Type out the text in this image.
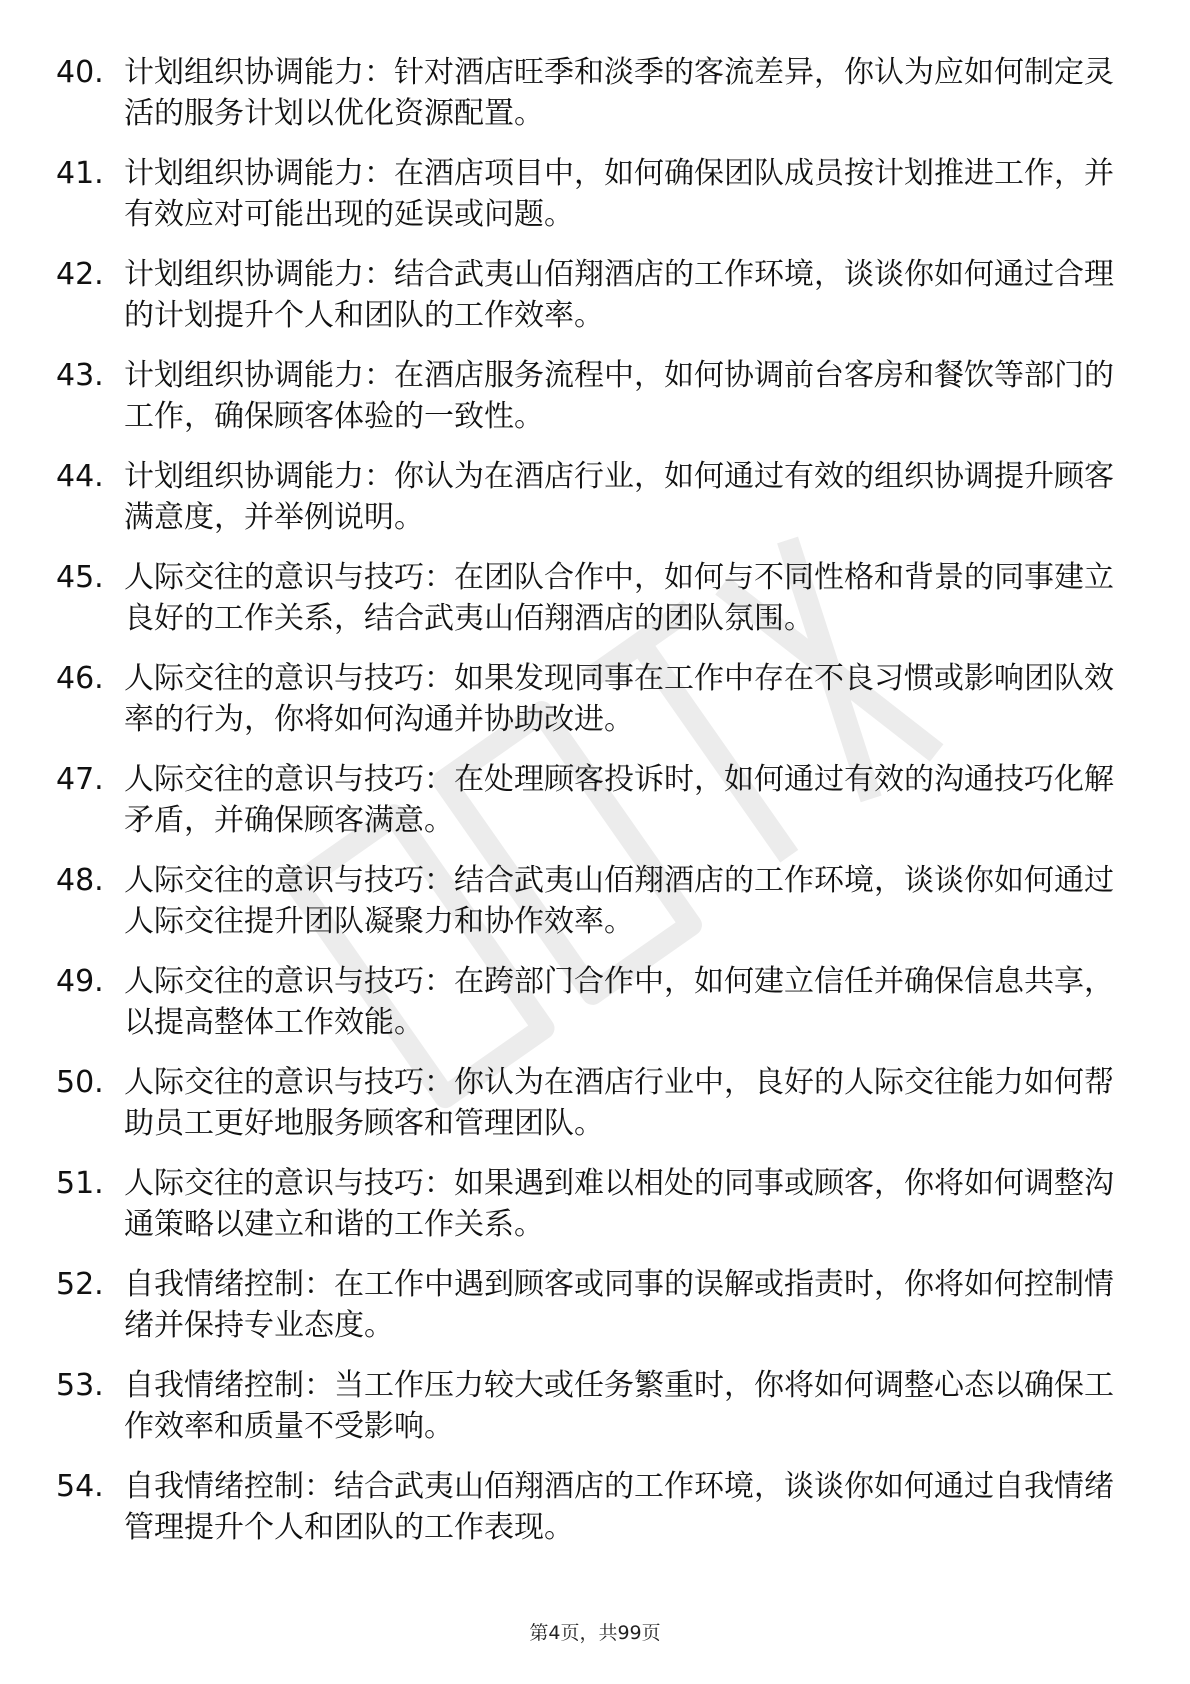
40. 计划组织协调能力：针对酒店旺季和淡季的客流差异，你认为应如何制定灵活的服务计划以优化资源配置。
41. 计划组织协调能力：在酒店项目中，如何确保团队成员按计划推进工作，并有效应对可能出现的延误或问题。
42. 计划组织协调能力：结合武夷山佰翔酒店的工作环境，谈谈你如何通过合理的计划提升个人和团队的工作效率。
43. 计划组织协调能力：在酒店服务流程中，如何协调前台客房和餐饮等部门的工作，确保顾客体验的一致性。
44. 计划组织协调能力：你认为在酒店行业，如何通过有效的组织协调提升顾客满意度，并举例说明。
45. 人际交往的意识与技巧：在团队合作中，如何与不同性格和背景的同事建立良好的工作关系，结合武夷山佰翔酒店的团队氛围。
46. 人际交往的意识与技巧：如果发现同事在工作中存在不良习惯或影响团队效率的行为，你将如何沟通并协助改进。
47. 人际交往的意识与技巧：在处理顾客投诉时，如何通过有效的沟通技巧化解矛盾，并确保顾客满意。
48. 人际交往的意识与技巧：结合武夷山佰翔酒店的工作环境，谈谈你如何通过人际交往提升团队凝聚力和协作效率。
49. 人际交往的意识与技巧：在跨部门合作中，如何建立信任并确保信息共享，以提高整体工作效能。
50. 人际交往的意识与技巧：你认为在酒店行业中，良好的人际交往能力如何帮助员工更好地服务顾客和管理团队。
51. 人际交往的意识与技巧：如果遇到难以相处的同事或顾客，你将如何调整沟通策略以建立和谐的工作关系。
52. 自我情绪控制：在工作中遇到顾客或同事的误解或指责时，你将如何控制情绪并保持专业态度。
53. 自我情绪控制：当工作压力较大或任务繁重时，你将如何调整心态以确保工作效率和质量不受影响。
54. 自我情绪控制：结合武夷山佰翔酒店的工作环境，谈谈你如何通过自我情绪管理提升个人和团队的工作表现。
第4页，共99页
